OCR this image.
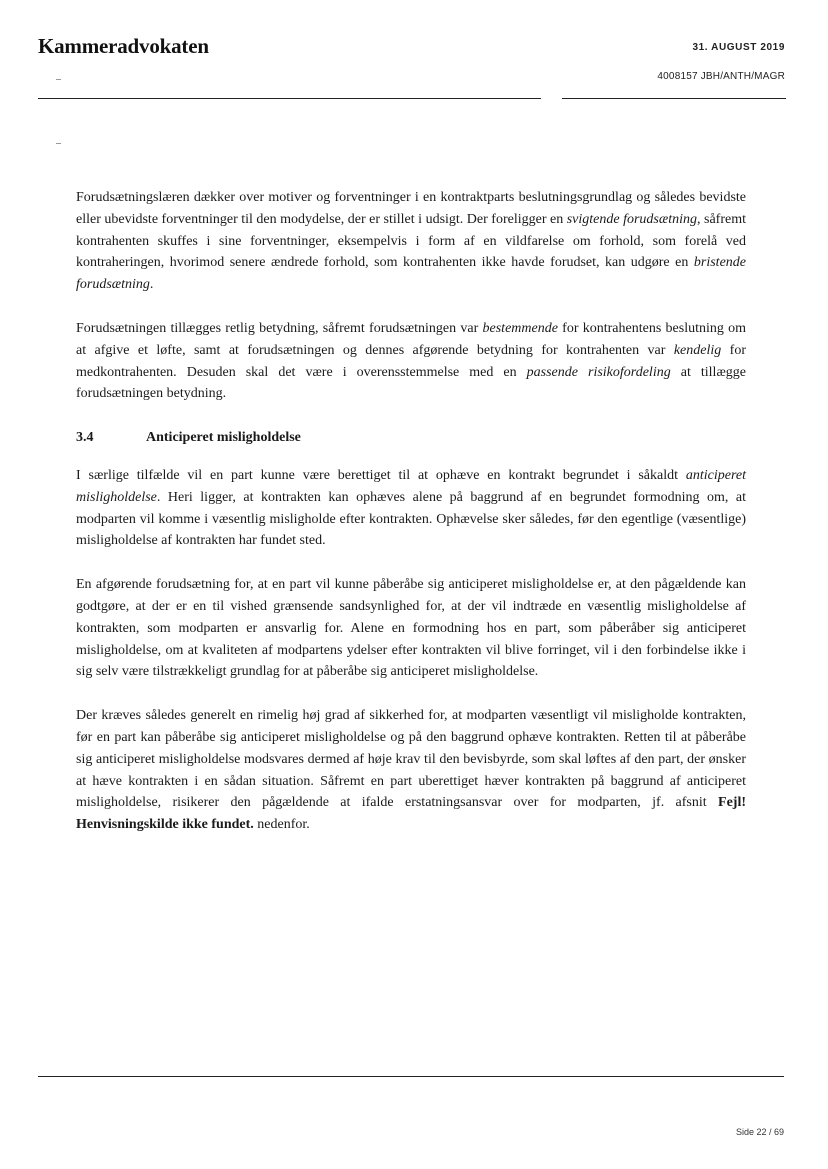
Kammeradvokaten	31. AUGUST 2019
4008157 JBH/ANTH/MAGR

Forudsætningslæren dækker over motiver og forventninger i en kontraktparts beslutningsgrundlag og således bevidste eller ubevidste forventninger til den modydelse, der er stillet i udsigt. Der foreligger en svigtende forudsætning, såfremt kontrahenten skuffes i sine forventninger, eksempelvis i form af en vildfarelse om forhold, som forelå ved kontraheringen, hvorimod senere ændrede forhold, som kontrahenten ikke havde forudset, kan udgøre en bristende forudsætning.

Forudsætningen tillægges retlig betydning, såfremt forudsætningen var bestemmende for kontrahentens beslutning om at afgive et løfte, samt at forudsætningen og dennes afgørende betydning for kontrahenten var kendelig for medkontrahenten. Desuden skal det være i overensstemmelse med en passende risikofordeling at tillægge forudsætningen betydning.

3.4	Anticiperet misligholdelse

I særlige tilfælde vil en part kunne være berettiget til at ophæve en kontrakt begrundet i såkaldt anticiperet misligholdelse. Heri ligger, at kontrakten kan ophæves alene på baggrund af en begrundet formodning om, at modparten vil komme i væsentlig misligholde efter kontrakten. Ophævelse sker således, før den egentlige (væsentlige) misligholdelse af kontrakten har fundet sted.

En afgørende forudsætning for, at en part vil kunne påberåbe sig anticiperet misligholdelse er, at den pågældende kan godtgøre, at der er en til vished grænsende sandsynlighed for, at der vil indtræde en væsentlig misligholdelse af kontrakten, som modparten er ansvarlig for. Alene en formodning hos en part, som påberåber sig anticiperet misligholdelse, om at kvaliteten af modpartens ydelser efter kontrakten vil blive forringet, vil i den forbindelse ikke i sig selv være tilstrækkeligt grundlag for at påberåbe sig anticiperet misligholdelse.

Der kræves således generelt en rimelig høj grad af sikkerhed for, at modparten væsentligt vil misligholde kontrakten, før en part kan påberåbe sig anticiperet misligholdelse og på den baggrund ophæve kontrakten. Retten til at påberåbe sig anticiperet misligholdelse modsvares dermed af høje krav til den bevisbyrde, som skal løftes af den part, der ønsker at hæve kontrakten i en sådan situation. Såfremt en part uberettiget hæver kontrakten på baggrund af anticiperet misligholdelse, risikerer den pågældende at ifalde erstatningsansvar over for modparten, jf. afsnit Fejl! Henvisningskilde ikke fundet. nedenfor.

Side 22 / 69
